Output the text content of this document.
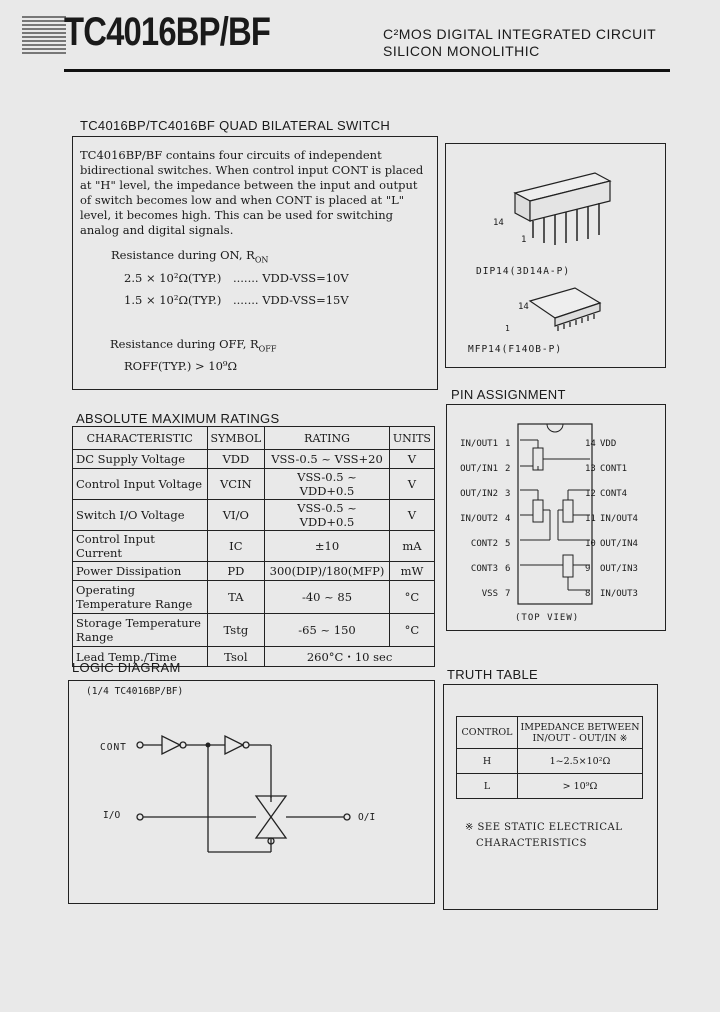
TC4016BP/BF	C²MOS DIGITAL INTEGRATED CIRCUIT
SILICON MONOLITHIC
TC4016BP/TC4016BF QUAD BILATERAL SWITCH

TC4016BP/BF contains four circuits of independent bidirectional switches. When control input CONT is placed at "H" level, the impedance between the input and output of switch becomes low and when CONT is placed at "L" level, it becomes high. This can be used for switching analog and digital signals.

Resistance during ON, $R_{ON}$
2.5 × 10²Ω(TYP.) ....... VDD-VSS=10V
1.5 × 10²Ω(TYP.) ....... VDD-VSS=15V
Resistance during OFF, $R_{OFF}$
ROFF(TYP.) > 10⁹Ω
14
1
DIP14(3D14A-P)
14
1
MFP14(F14OB-P)
ABSOLUTE MAXIMUM RATINGS
CHARACTERISTIC	SYMBOL	RATING	UNITS
DC Supply Voltage	VDD	VSS-0.5 ~ VSS+20	V
Control Input Voltage	VCIN	VSS-0.5 ~ VDD+0.5	V
Switch I/O Voltage	VI/O	VSS-0.5 ~ VDD+0.5	V
Control Input Current	IC	±10	mA
Power Dissipation	PD	300(DIP)/180(MFP)	mW
Operating Temperature Range	TA	-40 ~ 85	°C
Storage Temperature Range	Tstg	-65 ~ 150	°C
Lead Temp./Time	Tsol	260°C・10 sec	
PIN ASSIGNMENT
IN/OUT1
OUT/IN1
OUT/IN2
IN/OUT2
CONT2
CONT3
VSS
1
2
3
4
5
6
7
14
13
12
11
10
9
8
VDD
CONT1
CONT4
IN/OUT4
OUT/IN4
OUT/IN3
IN/OUT3
(TOP VIEW)
LOGIC DIAGRAM
(1/4 TC4016BP/BF)
CONT
I/O	O/I
TRUTH TABLE
CONTROL	IMPEDANCE BETWEEN IN/OUT - OUT/IN ※
H	1~2.5×10²Ω
L	> 10⁹Ω
※ SEE STATIC ELECTRICAL
CHARACTERISTICS
